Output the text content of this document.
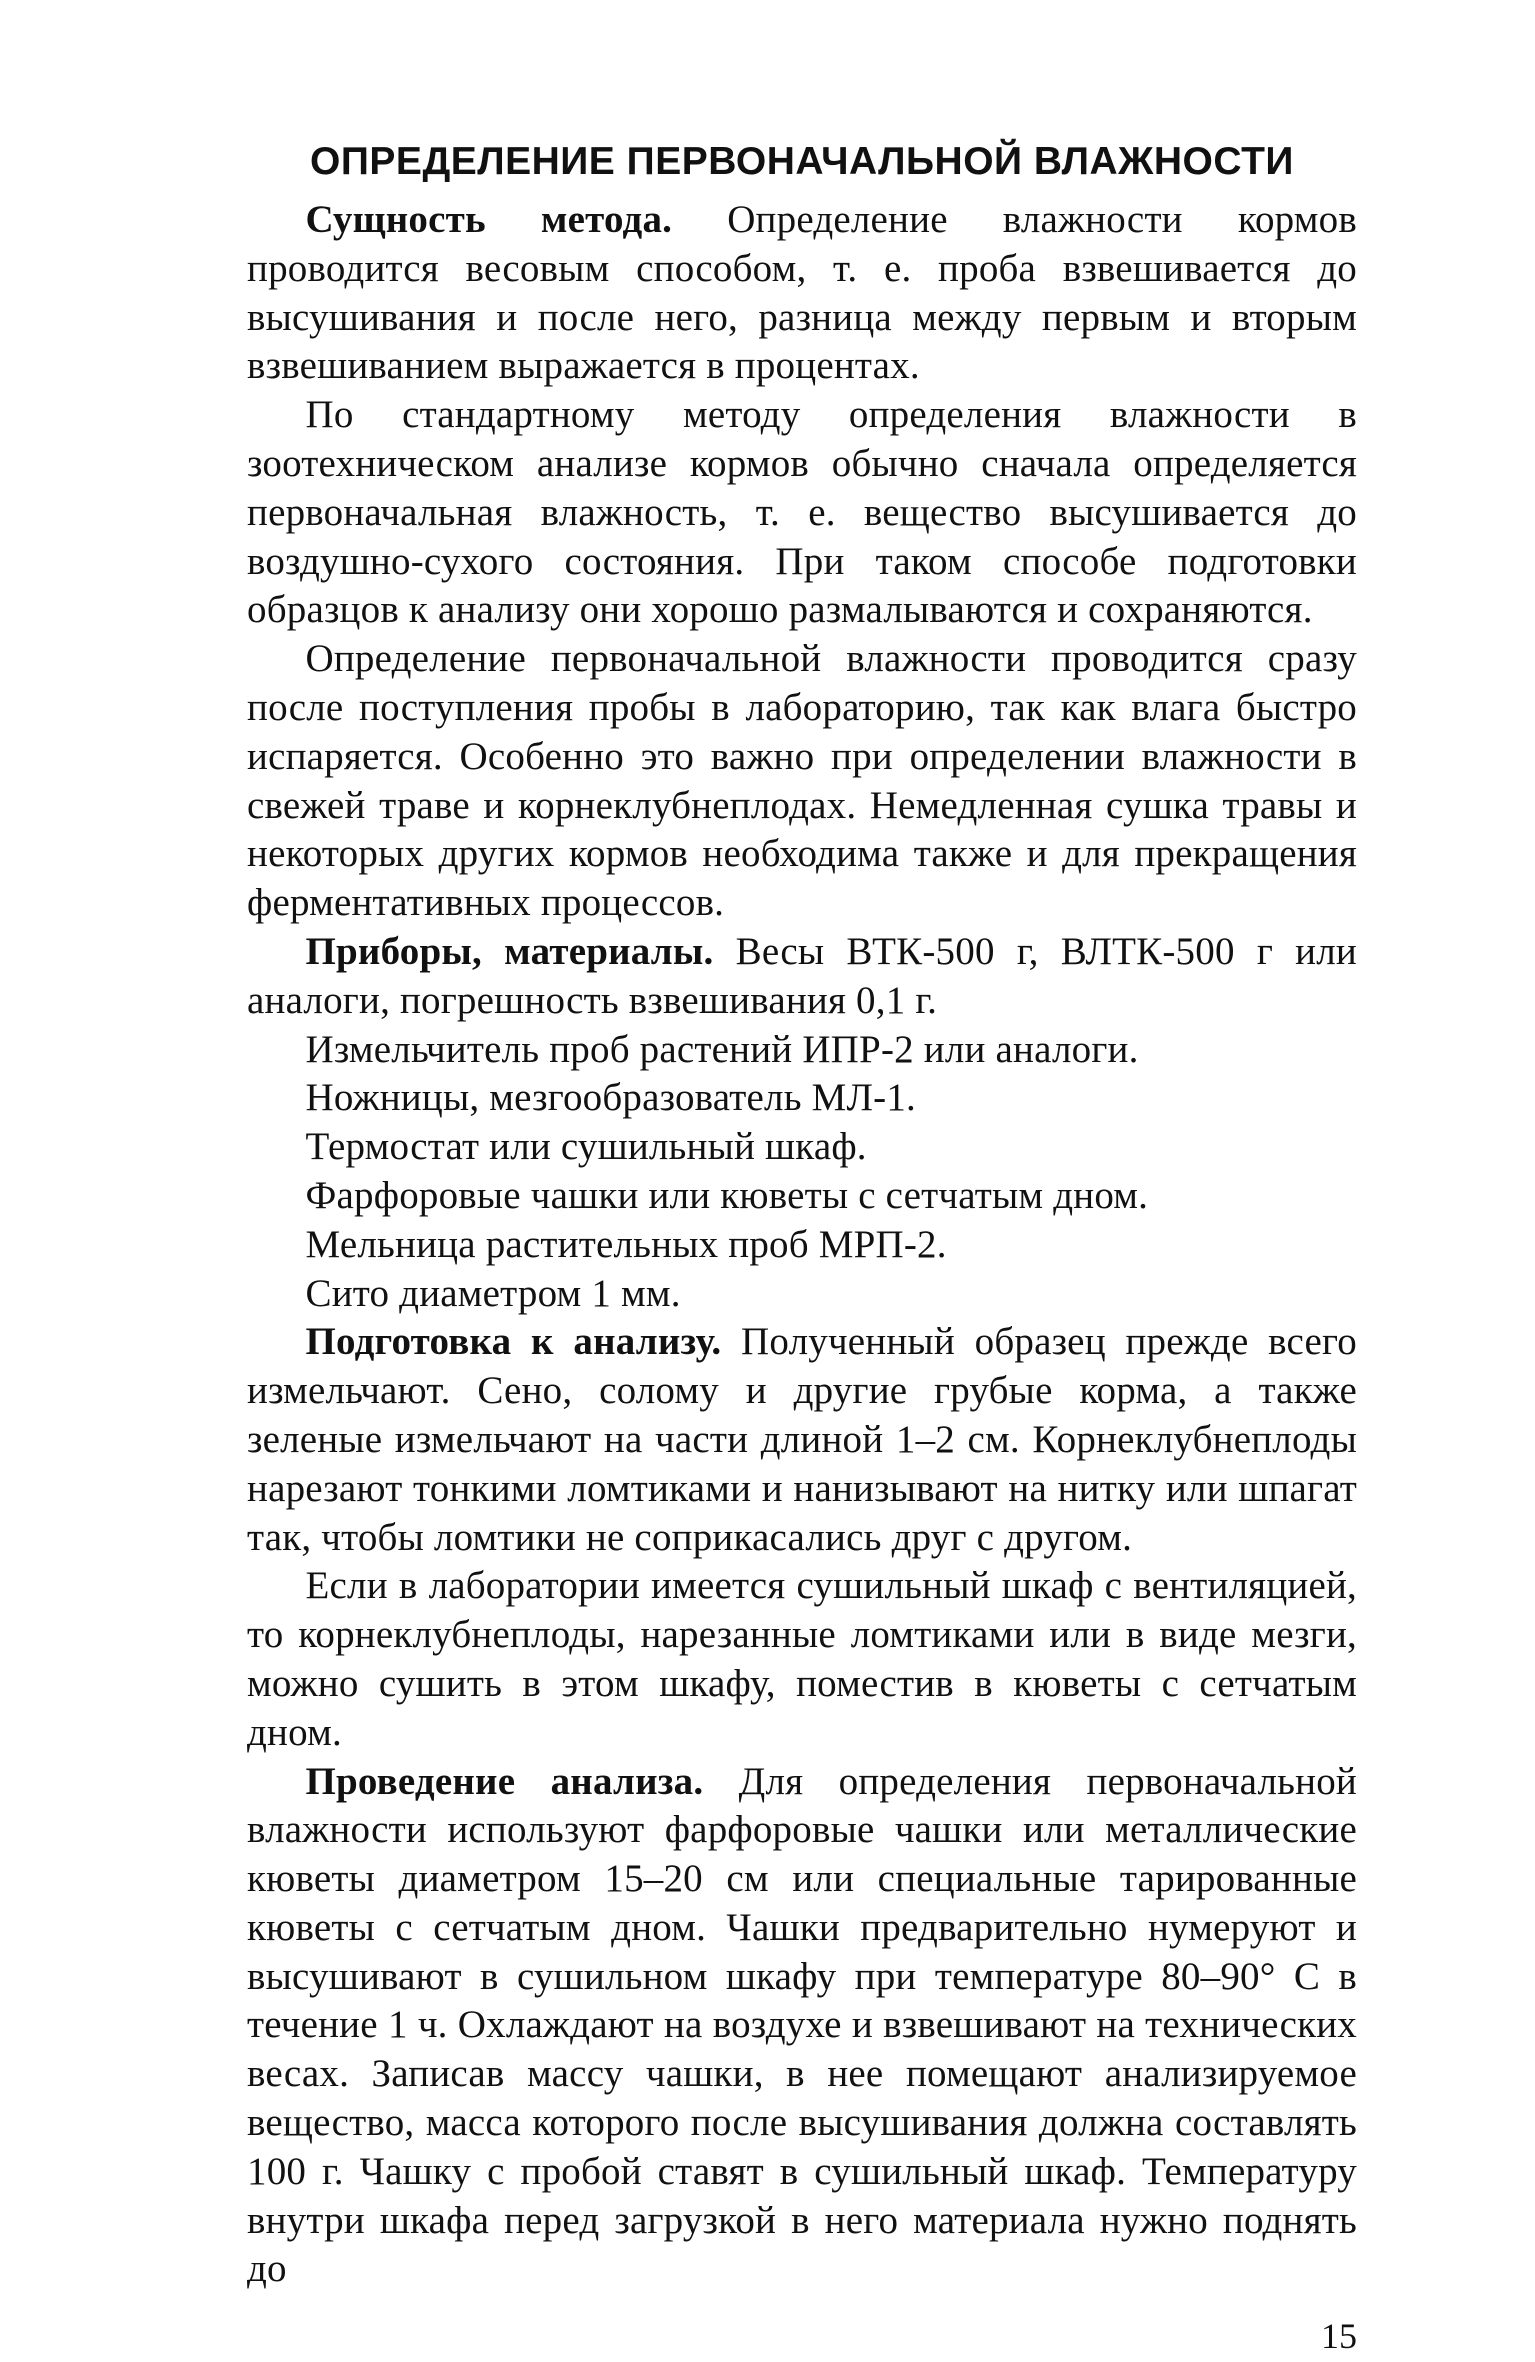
ОПРЕДЕЛЕНИЕ ПЕРВОНАЧАЛЬНОЙ ВЛАЖНОСТИ

Сущность метода. Определение влажности кормов проводится весовым способом, т. е. проба взвешивается до высушивания и после него, разница между первым и вторым взвешиванием выражается в процентах.

По стандартному методу определения влажности в зоотехническом анализе кормов обычно сначала определяется первоначальная влажность, т. е. вещество высушивается до воздушно-сухого состояния. При таком способе подготовки образцов к анализу они хорошо размалываются и сохраняются.

Определение первоначальной влажности проводится сразу после поступления пробы в лабораторию, так как влага быстро испаряется. Особенно это важно при определении влажности в свежей траве и корнеклубнеплодах. Немедленная сушка травы и некоторых других кормов необходима также и для прекращения ферментативных процессов.

Приборы, материалы. Весы ВТК-500 г, ВЛТК-500 г или аналоги, погрешность взвешивания 0,1 г.

Измельчитель проб растений ИПР-2 или аналоги.

Ножницы, мезгообразователь МЛ-1.

Термостат или сушильный шкаф.

Фарфоровые чашки или кюветы с сетчатым дном.

Мельница растительных проб МРП-2.

Сито диаметром 1 мм.

Подготовка к анализу. Полученный образец прежде всего измельчают. Сено, солому и другие грубые корма, а также зеленые измельчают на части длиной 1–2 см. Корнеклубнеплоды нарезают тонкими ломтиками и нанизывают на нитку или шпагат так, чтобы ломтики не соприкасались друг с другом.

Если в лаборатории имеется сушильный шкаф с вентиляцией, то корнеклубнеплоды, нарезанные ломтиками или в виде мезги, можно сушить в этом шкафу, поместив в кюветы с сетчатым дном.

Проведение анализа. Для определения первоначальной влажности используют фарфоровые чашки или металлические кюветы диаметром 15–20 см или специальные тарированные кюветы с сетчатым дном. Чашки предварительно нумеруют и высушивают в сушильном шкафу при температуре 80–90° С в течение 1 ч. Охлаждают на воздухе и взвешивают на технических весах. Записав массу чашки, в нее помещают анализируемое вещество, масса которого после высушивания должна составлять 100 г. Чашку с пробой ставят в сушильный шкаф. Температуру внутри шкафа перед загрузкой в него материала нужно поднять до

15
